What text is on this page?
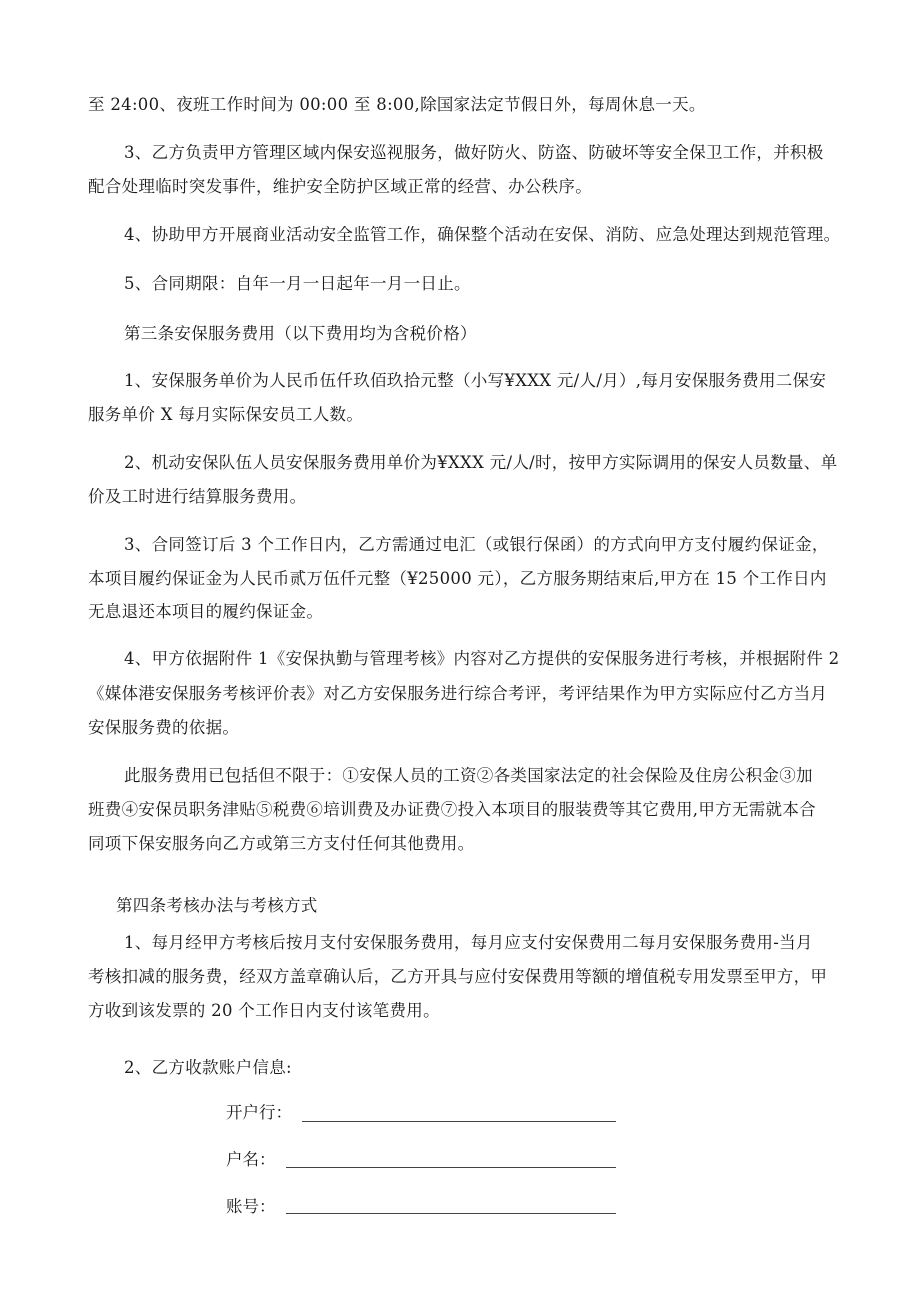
至 24:00、夜班工作时间为 00:00 至 8:00,除国家法定节假日外，每周休息一天。
3、乙方负责甲方管理区域内保安巡视服务，做好防火、防盗、防破坏等安全保卫工作，并积极
配合处理临时突发事件，维护安全防护区域正常的经营、办公秩序。
4、协助甲方开展商业活动安全监管工作，确保整个活动在安保、消防、应急处理达到规范管理。
5、合同期限：自年一月一日起年一月一日止。
第三条安保服务费用（以下费用均为含税价格）
1、安保服务单价为人民币伍仟玖佰玖拾元整（小写¥XXX 元/人/月）,每月安保服务费用二保安
服务单价 X 每月实际保安员工人数。
2、机动安保队伍人员安保服务费用单价为¥XXX 元/人/时，按甲方实际调用的保安人员数量、单
价及工时进行结算服务费用。
3、合同签订后 3 个工作日内，乙方需通过电汇（或银行保函）的方式向甲方支付履约保证金，
本项目履约保证金为人民币贰万伍仟元整（¥25000 元），乙方服务期结束后,甲方在 15 个工作日内
无息退还本项目的履约保证金。
4、甲方依据附件 1《安保执勤与管理考核》内容对乙方提供的安保服务进行考核，并根据附件 2
《媒体港安保服务考核评价表》对乙方安保服务进行综合考评，考评结果作为甲方实际应付乙方当月
安保服务费的依据。
此服务费用已包括但不限于：①安保人员的工资②各类国家法定的社会保险及住房公积金③加
班费④安保员职务津贴⑤税费⑥培训费及办证费⑦投入本项目的服装费等其它费用,甲方无需就本合
同项下保安服务向乙方或第三方支付任何其他费用。
第四条考核办法与考核方式
1、每月经甲方考核后按月支付安保服务费用，每月应支付安保费用二每月安保服务费用-当月
考核扣减的服务费，经双方盖章确认后，乙方开具与应付安保费用等额的增值税专用发票至甲方，甲
方收到该发票的 20 个工作日内支付该笔费用。
2、乙方收款账户信息:
开户行：
户名：
账号：
